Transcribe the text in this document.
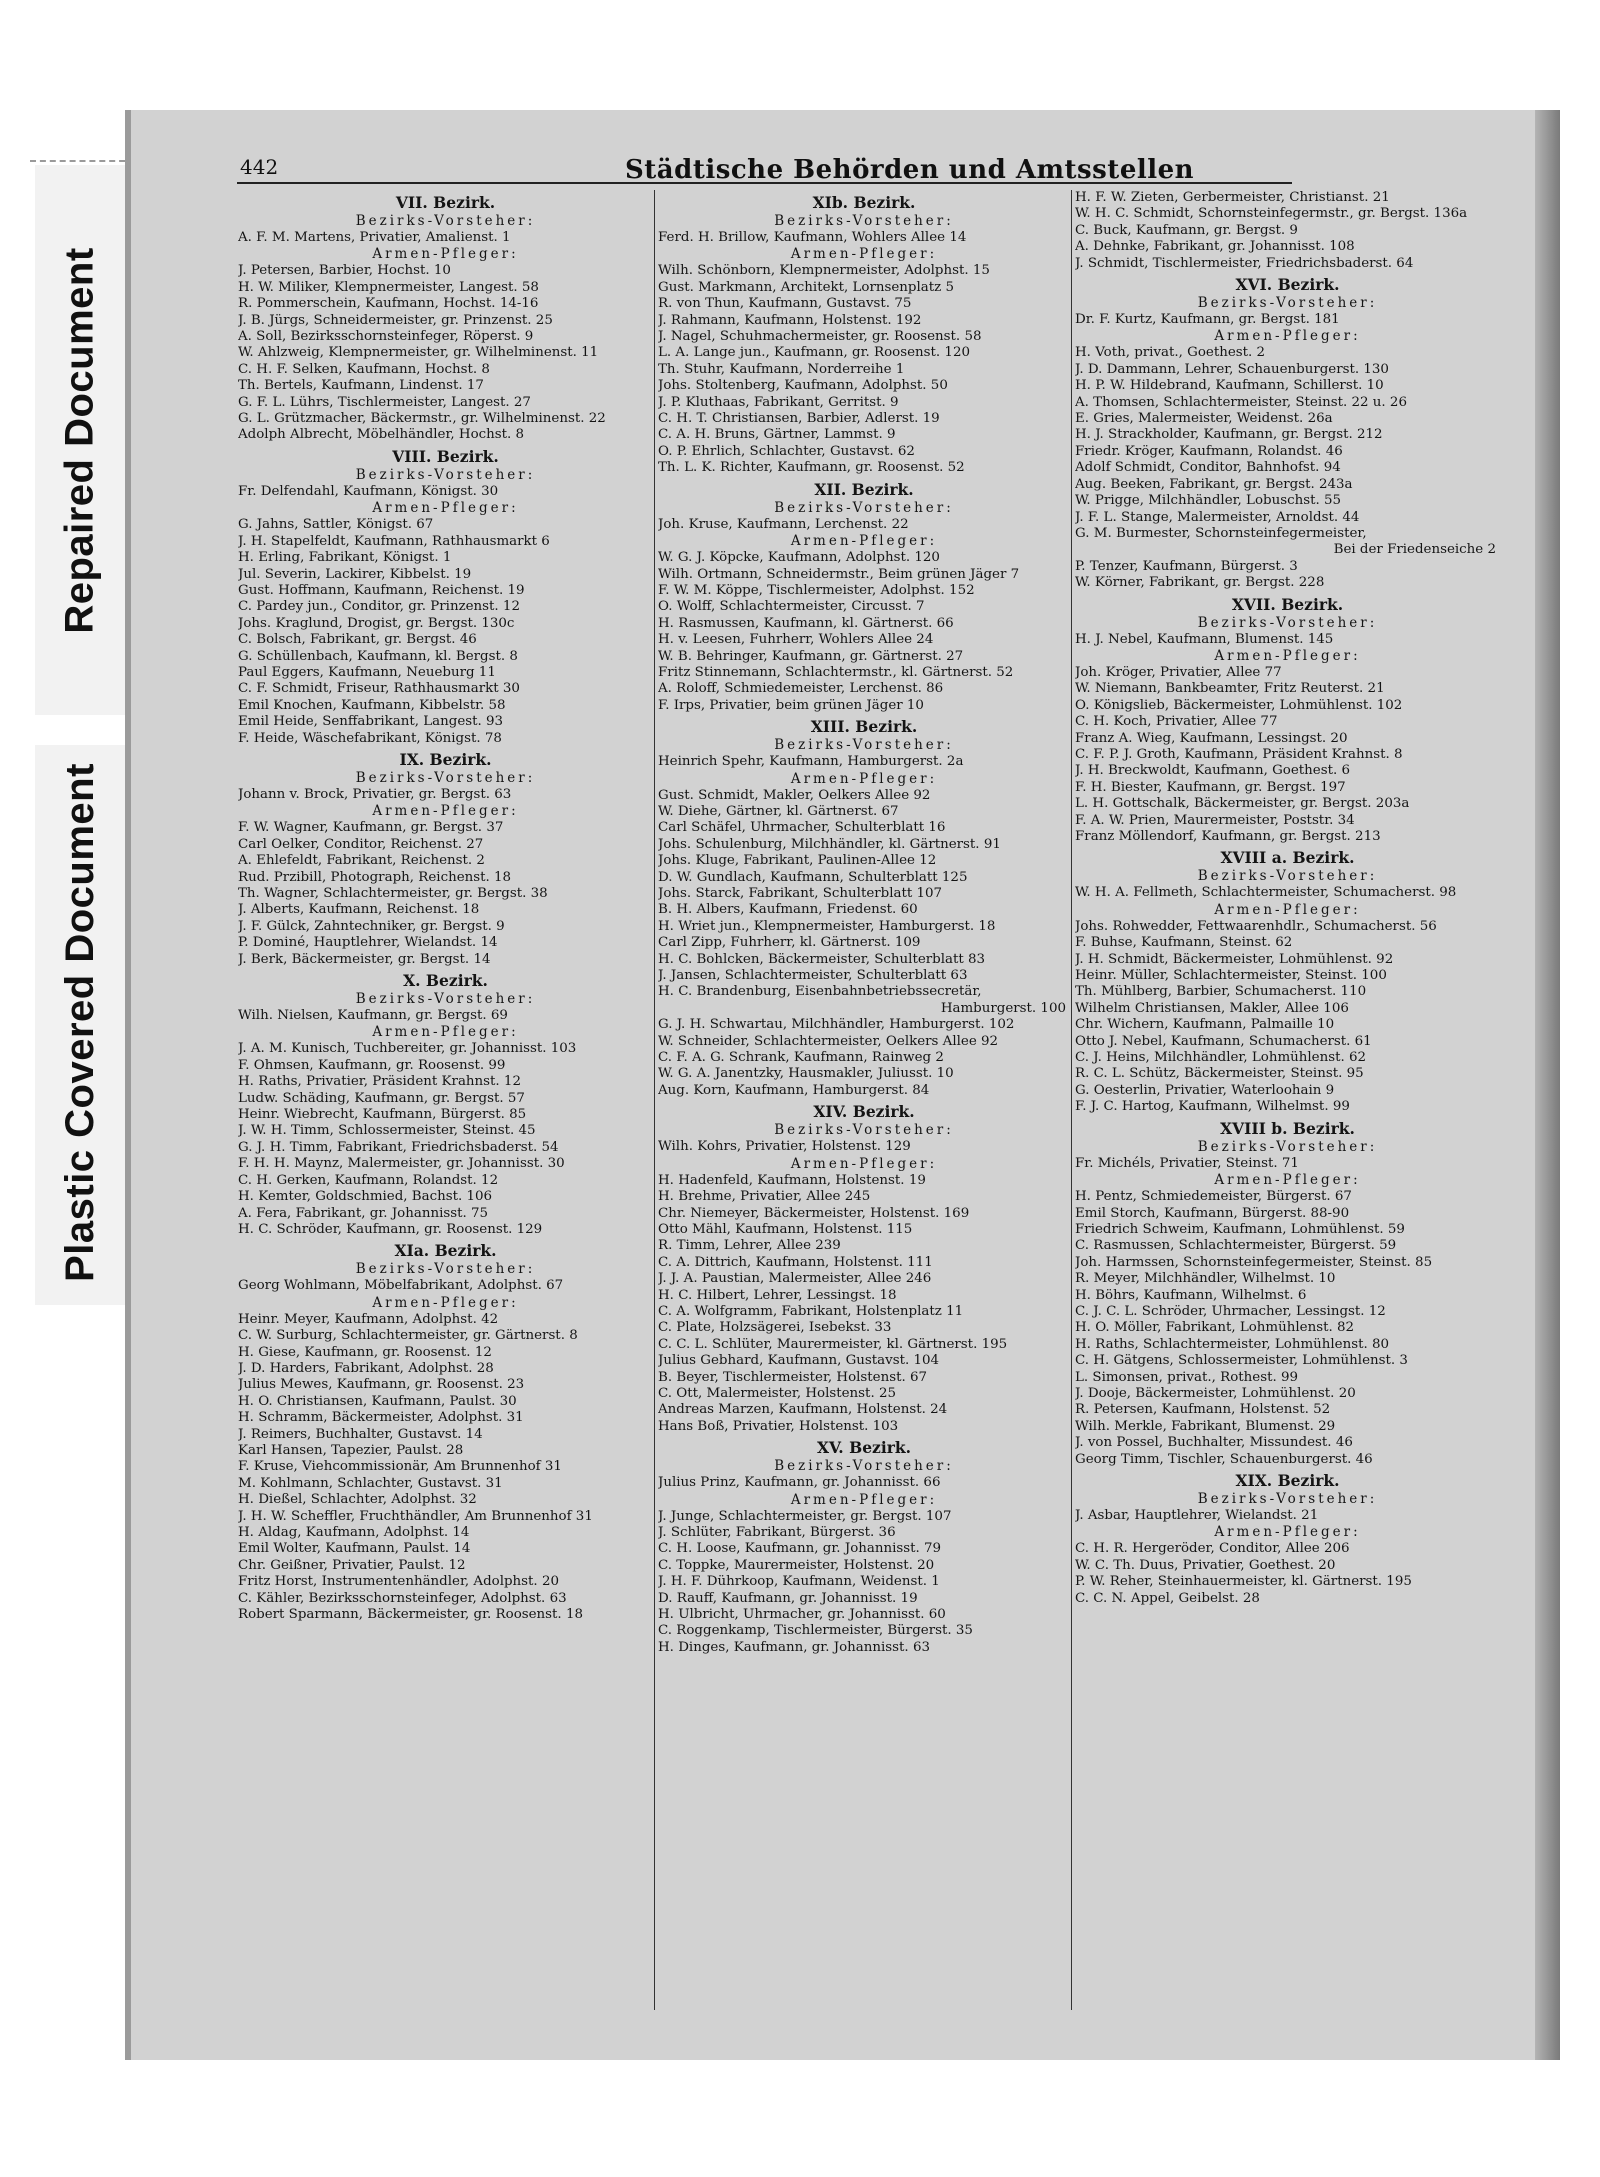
Repaired Document
Plastic Covered Document
442	Städtische Behörden und Amtsstellen
VII. Bezirk.
Bezirks-Vorsteher:
A. F. M. Martens, Privatier, Amalienst. 1
Armen-Pfleger:
J. Petersen, Barbier, Hochst. 10
H. W. Miliker, Klempnermeister, Langest. 58
R. Pommerschein, Kaufmann, Hochst. 14-16
J. B. Jürgs, Schneidermeister, gr. Prinzenst. 25
A. Soll, Bezirksschornsteinfeger, Röperst. 9
W. Ahlzweig, Klempnermeister, gr. Wilhelminenst. 11
C. H. F. Selken, Kaufmann, Hochst. 8
Th. Bertels, Kaufmann, Lindenst. 17
G. F. L. Lührs, Tischlermeister, Langest. 27
G. L. Grützmacher, Bäckermstr., gr. Wilhelminenst. 22
Adolph Albrecht, Möbelhändler, Hochst. 8
VIII. Bezirk.
Bezirks-Vorsteher:
Fr. Delfendahl, Kaufmann, Königst. 30
Armen-Pfleger:
G. Jahns, Sattler, Königst. 67
J. H. Stapelfeldt, Kaufmann, Rathhausmarkt 6
H. Erling, Fabrikant, Königst. 1
Jul. Severin, Lackirer, Kibbelst. 19
Gust. Hoffmann, Kaufmann, Reichenst. 19
C. Pardey jun., Conditor, gr. Prinzenst. 12
Johs. Kraglund, Drogist, gr. Bergst. 130c
C. Bolsch, Fabrikant, gr. Bergst. 46
G. Schüllenbach, Kaufmann, kl. Bergst. 8
Paul Eggers, Kaufmann, Neueburg 11
C. F. Schmidt, Friseur, Rathhausmarkt 30
Emil Knochen, Kaufmann, Kibbelstr. 58
Emil Heide, Senffabrikant, Langest. 93
F. Heide, Wäschefabrikant, Königst. 78
IX. Bezirk.
Bezirks-Vorsteher:
Johann v. Brock, Privatier, gr. Bergst. 63
Armen-Pfleger:
F. W. Wagner, Kaufmann, gr. Bergst. 37
Carl Oelker, Conditor, Reichenst. 27
A. Ehlefeldt, Fabrikant, Reichenst. 2
Rud. Przibill, Photograph, Reichenst. 18
Th. Wagner, Schlachtermeister, gr. Bergst. 38
J. Alberts, Kaufmann, Reichenst. 18
J. F. Gülck, Zahntechniker, gr. Bergst. 9
P. Dominé, Hauptlehrer, Wielandst. 14
J. Berk, Bäckermeister, gr. Bergst. 14
X. Bezirk.
Bezirks-Vorsteher:
Wilh. Nielsen, Kaufmann, gr. Bergst. 69
Armen-Pfleger:
J. A. M. Kunisch, Tuchbereiter, gr. Johannisst. 103
F. Ohmsen, Kaufmann, gr. Roosenst. 99
H. Raths, Privatier, Präsident Krahnst. 12
Ludw. Schäding, Kaufmann, gr. Bergst. 57
Heinr. Wiebrecht, Kaufmann, Bürgerst. 85
J. W. H. Timm, Schlossermeister, Steinst. 45
G. J. H. Timm, Fabrikant, Friedrichsbaderst. 54
F. H. H. Maynz, Malermeister, gr. Johannisst. 30
C. H. Gerken, Kaufmann, Rolandst. 12
H. Kemter, Goldschmied, Bachst. 106
A. Fera, Fabrikant, gr. Johannisst. 75
H. C. Schröder, Kaufmann, gr. Roosenst. 129
XIa. Bezirk.
Bezirks-Vorsteher:
Georg Wohlmann, Möbelfabrikant, Adolphst. 67
Armen-Pfleger:
Heinr. Meyer, Kaufmann, Adolphst. 42
C. W. Surburg, Schlachtermeister, gr. Gärtnerst. 8
H. Giese, Kaufmann, gr. Roosenst. 12
J. D. Harders, Fabrikant, Adolphst. 28
Julius Mewes, Kaufmann, gr. Roosenst. 23
H. O. Christiansen, Kaufmann, Paulst. 30
H. Schramm, Bäckermeister, Adolphst. 31
J. Reimers, Buchhalter, Gustavst. 14
Karl Hansen, Tapezier, Paulst. 28
F. Kruse, Viehcommissionär, Am Brunnenhof 31
M. Kohlmann, Schlachter, Gustavst. 31
H. Dießel, Schlachter, Adolphst. 32
J. H. W. Scheffler, Fruchthändler, Am Brunnenhof 31
H. Aldag, Kaufmann, Adolphst. 14
Emil Wolter, Kaufmann, Paulst. 14
Chr. Geißner, Privatier, Paulst. 12
Fritz Horst, Instrumentenhändler, Adolphst. 20
C. Kähler, Bezirksschornsteinfeger, Adolphst. 63
Robert Sparmann, Bäckermeister, gr. Roosenst. 18
XIb. Bezirk.
Bezirks-Vorsteher:
Ferd. H. Brillow, Kaufmann, Wohlers Allee 14
Armen-Pfleger:
Wilh. Schönborn, Klempnermeister, Adolphst. 15
Gust. Markmann, Architekt, Lornsenplatz 5
R. von Thun, Kaufmann, Gustavst. 75
J. Rahmann, Kaufmann, Holstenst. 192
J. Nagel, Schuhmachermeister, gr. Roosenst. 58
L. A. Lange jun., Kaufmann, gr. Roosenst. 120
Th. Stuhr, Kaufmann, Norderreihe 1
Johs. Stoltenberg, Kaufmann, Adolphst. 50
J. P. Kluthaas, Fabrikant, Gerritst. 9
C. H. T. Christiansen, Barbier, Adlerst. 19
C. A. H. Bruns, Gärtner, Lammst. 9
O. P. Ehrlich, Schlachter, Gustavst. 62
Th. L. K. Richter, Kaufmann, gr. Roosenst. 52
XII. Bezirk.
Bezirks-Vorsteher:
Joh. Kruse, Kaufmann, Lerchenst. 22
Armen-Pfleger:
W. G. J. Köpcke, Kaufmann, Adolphst. 120
Wilh. Ortmann, Schneidermstr., Beim grünen Jäger 7
F. W. M. Köppe, Tischlermeister, Adolphst. 152
O. Wolff, Schlachtermeister, Circusst. 7
H. Rasmussen, Kaufmann, kl. Gärtnerst. 66
H. v. Leesen, Fuhrherr, Wohlers Allee 24
W. B. Behringer, Kaufmann, gr. Gärtnerst. 27
Fritz Stinnemann, Schlachtermstr., kl. Gärtnerst. 52
A. Roloff, Schmiedemeister, Lerchenst. 86
F. Irps, Privatier, beim grünen Jäger 10
XIII. Bezirk.
Bezirks-Vorsteher:
Heinrich Spehr, Kaufmann, Hamburgerst. 2a
Armen-Pfleger:
Gust. Schmidt, Makler, Oelkers Allee 92
W. Diehe, Gärtner, kl. Gärtnerst. 67
Carl Schäfel, Uhrmacher, Schulterblatt 16
Johs. Schulenburg, Milchhändler, kl. Gärtnerst. 91
Johs. Kluge, Fabrikant, Paulinen-Allee 12
D. W. Gundlach, Kaufmann, Schulterblatt 125
Johs. Starck, Fabrikant, Schulterblatt 107
B. H. Albers, Kaufmann, Friedenst. 60
H. Wriet jun., Klempnermeister, Hamburgerst. 18
Carl Zipp, Fuhrherr, kl. Gärtnerst. 109
H. C. Bohlcken, Bäckermeister, Schulterblatt 83
J. Jansen, Schlachtermeister, Schulterblatt 63
H. C. Brandenburg, Eisenbahnbetriebssecretär,
Hamburgerst. 100
G. J. H. Schwartau, Milchhändler, Hamburgerst. 102
W. Schneider, Schlachtermeister, Oelkers Allee 92
C. F. A. G. Schrank, Kaufmann, Rainweg 2
W. G. A. Janentzky, Hausmakler, Juliusst. 10
Aug. Korn, Kaufmann, Hamburgerst. 84
XIV. Bezirk.
Bezirks-Vorsteher:
Wilh. Kohrs, Privatier, Holstenst. 129
Armen-Pfleger:
H. Hadenfeld, Kaufmann, Holstenst. 19
H. Brehme, Privatier, Allee 245
Chr. Niemeyer, Bäckermeister, Holstenst. 169
Otto Mähl, Kaufmann, Holstenst. 115
R. Timm, Lehrer, Allee 239
C. A. Dittrich, Kaufmann, Holstenst. 111
J. J. A. Paustian, Malermeister, Allee 246
H. C. Hilbert, Lehrer, Lessingst. 18
C. A. Wolfgramm, Fabrikant, Holstenplatz 11
C. Plate, Holzsägerei, Isebekst. 33
C. C. L. Schlüter, Maurermeister, kl. Gärtnerst. 195
Julius Gebhard, Kaufmann, Gustavst. 104
B. Beyer, Tischlermeister, Holstenst. 67
C. Ott, Malermeister, Holstenst. 25
Andreas Marzen, Kaufmann, Holstenst. 24
Hans Boß, Privatier, Holstenst. 103
XV. Bezirk.
Bezirks-Vorsteher:
Julius Prinz, Kaufmann, gr. Johannisst. 66
Armen-Pfleger:
J. Junge, Schlachtermeister, gr. Bergst. 107
J. Schlüter, Fabrikant, Bürgerst. 36
C. H. Loose, Kaufmann, gr. Johannisst. 79
C. Toppke, Maurermeister, Holstenst. 20
J. H. F. Dührkoop, Kaufmann, Weidenst. 1
D. Rauff, Kaufmann, gr. Johannisst. 19
H. Ulbricht, Uhrmacher, gr. Johannisst. 60
C. Roggenkamp, Tischlermeister, Bürgerst. 35
H. Dinges, Kaufmann, gr. Johannisst. 63
H. F. W. Zieten, Gerbermeister, Christianst. 21
W. H. C. Schmidt, Schornsteinfegermstr., gr. Bergst. 136a
C. Buck, Kaufmann, gr. Bergst. 9
A. Dehnke, Fabrikant, gr. Johannisst. 108
J. Schmidt, Tischlermeister, Friedrichsbaderst. 64
XVI. Bezirk.
Bezirks-Vorsteher:
Dr. F. Kurtz, Kaufmann, gr. Bergst. 181
Armen-Pfleger:
H. Voth, privat., Goethest. 2
J. D. Dammann, Lehrer, Schauenburgerst. 130
H. P. W. Hildebrand, Kaufmann, Schillerst. 10
A. Thomsen, Schlachtermeister, Steinst. 22 u. 26
E. Gries, Malermeister, Weidenst. 26a
H. J. Strackholder, Kaufmann, gr. Bergst. 212
Friedr. Kröger, Kaufmann, Rolandst. 46
Adolf Schmidt, Conditor, Bahnhofst. 94
Aug. Beeken, Fabrikant, gr. Bergst. 243a
W. Prigge, Milchhändler, Lobuschst. 55
J. F. L. Stange, Malermeister, Arnoldst. 44
G. M. Burmester, Schornsteinfegermeister,
Bei der Friedenseiche 2
P. Tenzer, Kaufmann, Bürgerst. 3
W. Körner, Fabrikant, gr. Bergst. 228
XVII. Bezirk.
Bezirks-Vorsteher:
H. J. Nebel, Kaufmann, Blumenst. 145
Armen-Pfleger:
Joh. Kröger, Privatier, Allee 77
W. Niemann, Bankbeamter, Fritz Reuterst. 21
O. Königslieb, Bäckermeister, Lohmühlenst. 102
C. H. Koch, Privatier, Allee 77
Franz A. Wieg, Kaufmann, Lessingst. 20
C. F. P. J. Groth, Kaufmann, Präsident Krahnst. 8
J. H. Breckwoldt, Kaufmann, Goethest. 6
F. H. Biester, Kaufmann, gr. Bergst. 197
L. H. Gottschalk, Bäckermeister, gr. Bergst. 203a
F. A. W. Prien, Maurermeister, Poststr. 34
Franz Möllendorf, Kaufmann, gr. Bergst. 213
XVIII a. Bezirk.
Bezirks-Vorsteher:
W. H. A. Fellmeth, Schlachtermeister, Schumacherst. 98
Armen-Pfleger:
Johs. Rohwedder, Fettwaarenhdlr., Schumacherst. 56
F. Buhse, Kaufmann, Steinst. 62
J. H. Schmidt, Bäckermeister, Lohmühlenst. 92
Heinr. Müller, Schlachtermeister, Steinst. 100
Th. Mühlberg, Barbier, Schumacherst. 110
Wilhelm Christiansen, Makler, Allee 106
Chr. Wichern, Kaufmann, Palmaille 10
Otto J. Nebel, Kaufmann, Schumacherst. 61
C. J. Heins, Milchhändler, Lohmühlenst. 62
R. C. L. Schütz, Bäckermeister, Steinst. 95
G. Oesterlin, Privatier, Waterloohain 9
F. J. C. Hartog, Kaufmann, Wilhelmst. 99
XVIII b. Bezirk.
Bezirks-Vorsteher:
Fr. Michéls, Privatier, Steinst. 71
Armen-Pfleger:
H. Pentz, Schmiedemeister, Bürgerst. 67
Emil Storch, Kaufmann, Bürgerst. 88-90
Friedrich Schweim, Kaufmann, Lohmühlenst. 59
C. Rasmussen, Schlachtermeister, Bürgerst. 59
Joh. Harmssen, Schornsteinfegermeister, Steinst. 85
R. Meyer, Milchhändler, Wilhelmst. 10
H. Böhrs, Kaufmann, Wilhelmst. 6
C. J. C. L. Schröder, Uhrmacher, Lessingst. 12
H. O. Möller, Fabrikant, Lohmühlenst. 82
H. Raths, Schlachtermeister, Lohmühlenst. 80
C. H. Gätgens, Schlossermeister, Lohmühlenst. 3
L. Simonsen, privat., Rothest. 99
J. Dooje, Bäckermeister, Lohmühlenst. 20
R. Petersen, Kaufmann, Holstenst. 52
Wilh. Merkle, Fabrikant, Blumenst. 29
J. von Possel, Buchhalter, Missundest. 46
Georg Timm, Tischler, Schauenburgerst. 46
XIX. Bezirk.
Bezirks-Vorsteher:
J. Asbar, Hauptlehrer, Wielandst. 21
Armen-Pfleger:
C. H. R. Hergeröder, Conditor, Allee 206
W. C. Th. Duus, Privatier, Goethest. 20
P. W. Reher, Steinhauermeister, kl. Gärtnerst. 195
C. C. N. Appel, Geibelst. 28
